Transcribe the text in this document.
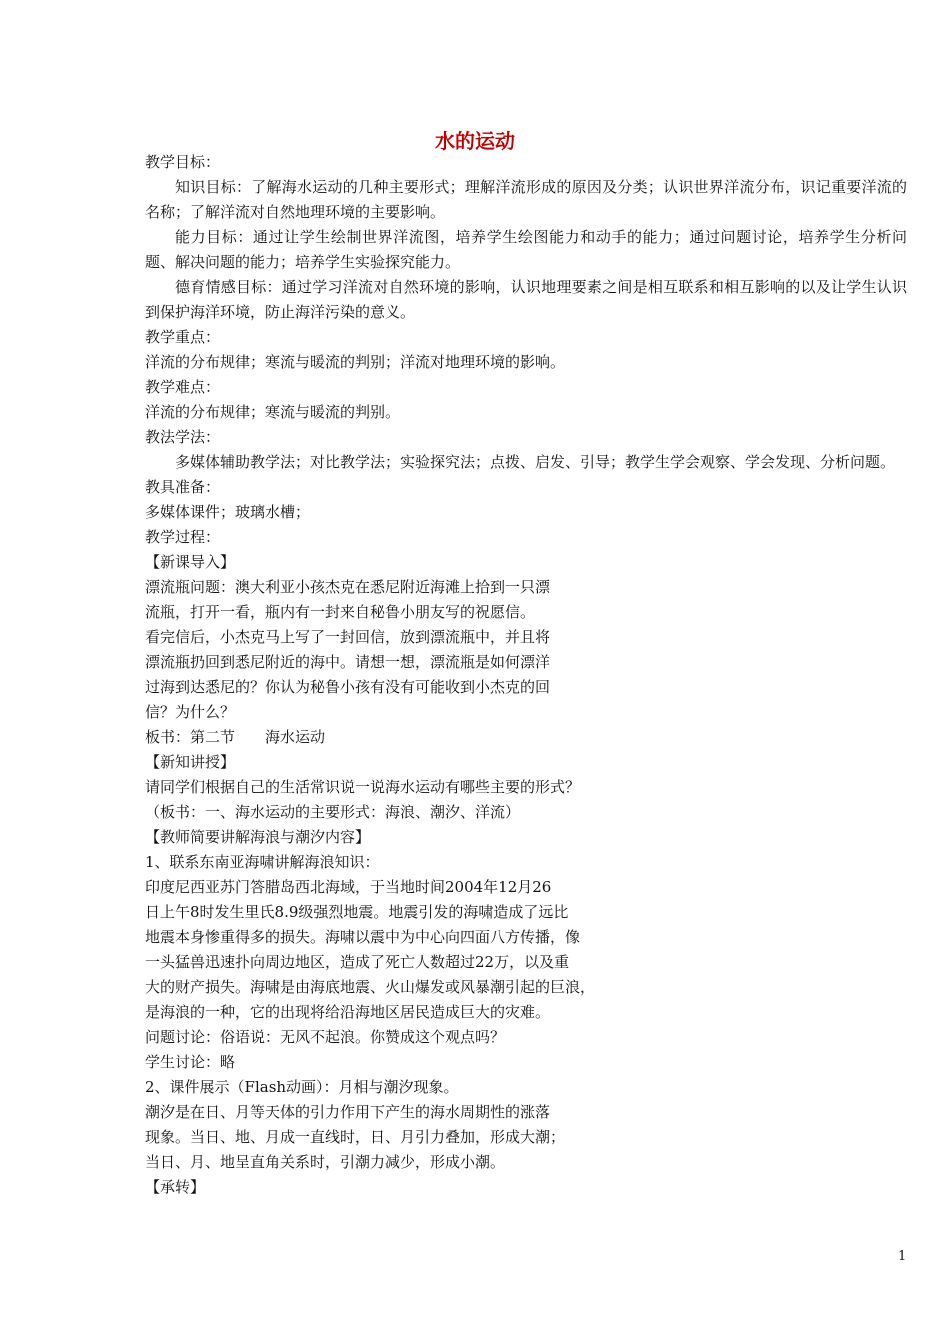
水的运动
教学目标：
知识目标：了解海水运动的几种主要形式；理解洋流形成的原因及分类；认识世界洋流分布，识记重要洋流的名称；了解洋流对自然地理环境的主要影响。
能力目标：通过让学生绘制世界洋流图，培养学生绘图能力和动手的能力；通过问题讨论，培养学生分析问题、解决问题的能力；培养学生实验探究能力。
德育情感目标：通过学习洋流对自然环境的影响，认识地理要素之间是相互联系和相互影响的以及让学生认识到保护海洋环境，防止海洋污染的意义。
教学重点：
洋流的分布规律；寒流与暖流的判别；洋流对地理环境的影响。
教学难点：
洋流的分布规律；寒流与暖流的判别。
教法学法：
多媒体辅助教学法；对比教学法；实验探究法；点拨、启发、引导；教学生学会观察、学会发现、分析问题。
教具准备：
多媒体课件；玻璃水槽；
教学过程：
【新课导入】
漂流瓶问题：澳大利亚小孩杰克在悉尼附近海滩上拾到一只漂
流瓶，打开一看，瓶内有一封来自秘鲁小朋友写的祝愿信。
看完信后，小杰克马上写了一封回信，放到漂流瓶中，并且将
漂流瓶扔回到悉尼附近的海中。请想一想，漂流瓶是如何漂洋
过海到达悉尼的？你认为秘鲁小孩有没有可能收到小杰克的回
信？为什么？
板书：第二节　　海水运动
【新知讲授】
请同学们根据自己的生活常识说一说海水运动有哪些主要的形式？
（板书：一、海水运动的主要形式：海浪、潮汐、洋流）
【教师简要讲解海浪与潮汐内容】
1、联系东南亚海啸讲解海浪知识：
印度尼西亚苏门答腊岛西北海域，于当地时间2004年12月26
日上午8时发生里氏8.9级强烈地震。地震引发的海啸造成了远比
地震本身惨重得多的损失。海啸以震中为中心向四面八方传播，像
一头猛兽迅速扑向周边地区，造成了死亡人数超过22万，以及重
大的财产损失。海啸是由海底地震、火山爆发或风暴潮引起的巨浪，
是海浪的一种，它的出现将给沿海地区居民造成巨大的灾难。
问题讨论：俗语说：无风不起浪。你赞成这个观点吗？
学生讨论：略
2、课件展示（Flash动画）：月相与潮汐现象。
潮汐是在日、月等天体的引力作用下产生的海水周期性的涨落
现象。当日、地、月成一直线时，日、月引力叠加，形成大潮；
当日、月、地呈直角关系时，引潮力减少，形成小潮。
【承转】
1
